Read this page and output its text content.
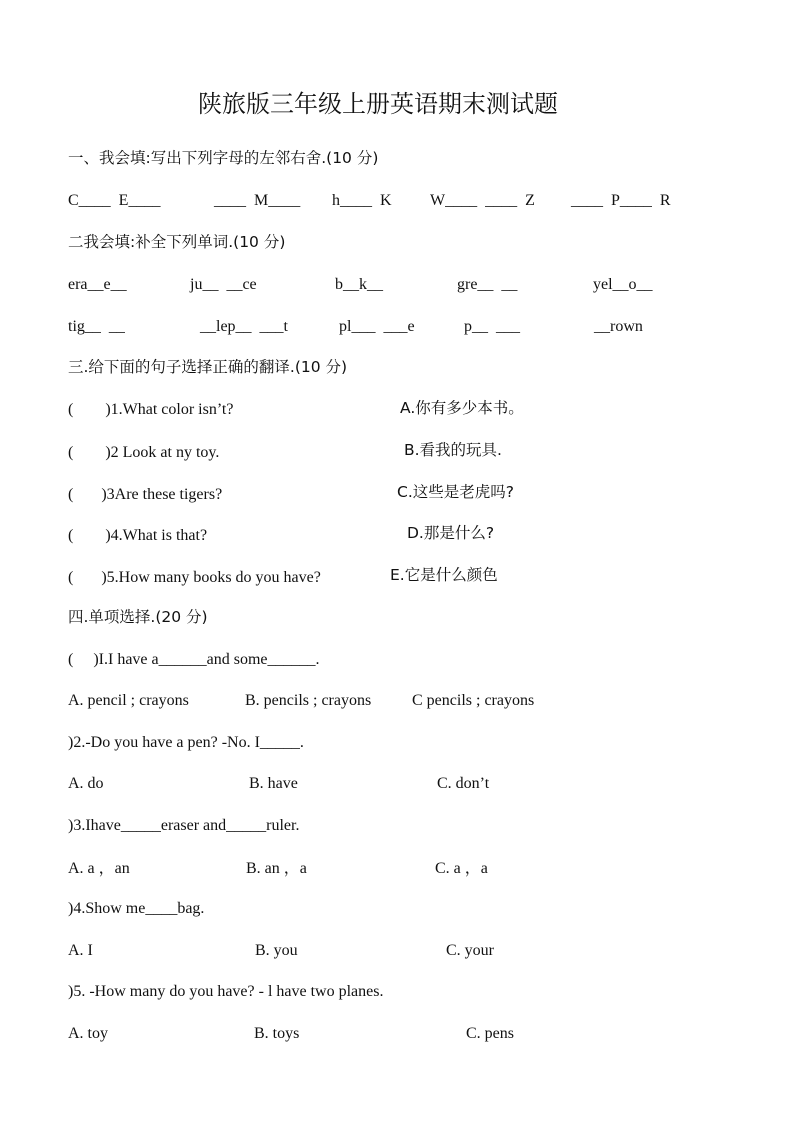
陕旅版三年级上册英语期末测试题
一、我会填:写出下列字母的左邻右舍.(10 分)
C____  E____	____  M____ h____  K W____  ____  Z ____  P____  R
二我会填:补全下列单词.(10 分)
era__e__	ju__  __ce	b__k__	gre__  __	yel__o__
tig__  __	__lep__  ___t	pl___  ___e	p__  ___	__rown
三.给下面的句子选择正确的翻译.(10 分)
(        )1.What color isn’t?	A.你有多少本书。
(        )2 Look at ny toy.	B.看我的玩具.
(       )3Are these tigers?	C.这些是老虎吗?
(        )4.What is that?	D.那是什么?
(       )5.How many books do you have?	E.它是什么颜色
四.单项选择.(20 分)
(     )I.I have a______and some______.
A. pencil ; crayons	B. pencils ; crayons	C pencils ; crayons
)2.-Do you have a pen? -No. I_____.
A. do	B. have	C. don’t
)3.Ihave_____eraser and_____ruler.
A. a ，an	B. an ，a	C. a ，a
)4.Show me____bag.
A. I	B. you	C. your
)5. -How many do you have? - l have two planes.
A. toy	B. toys	C. pens
